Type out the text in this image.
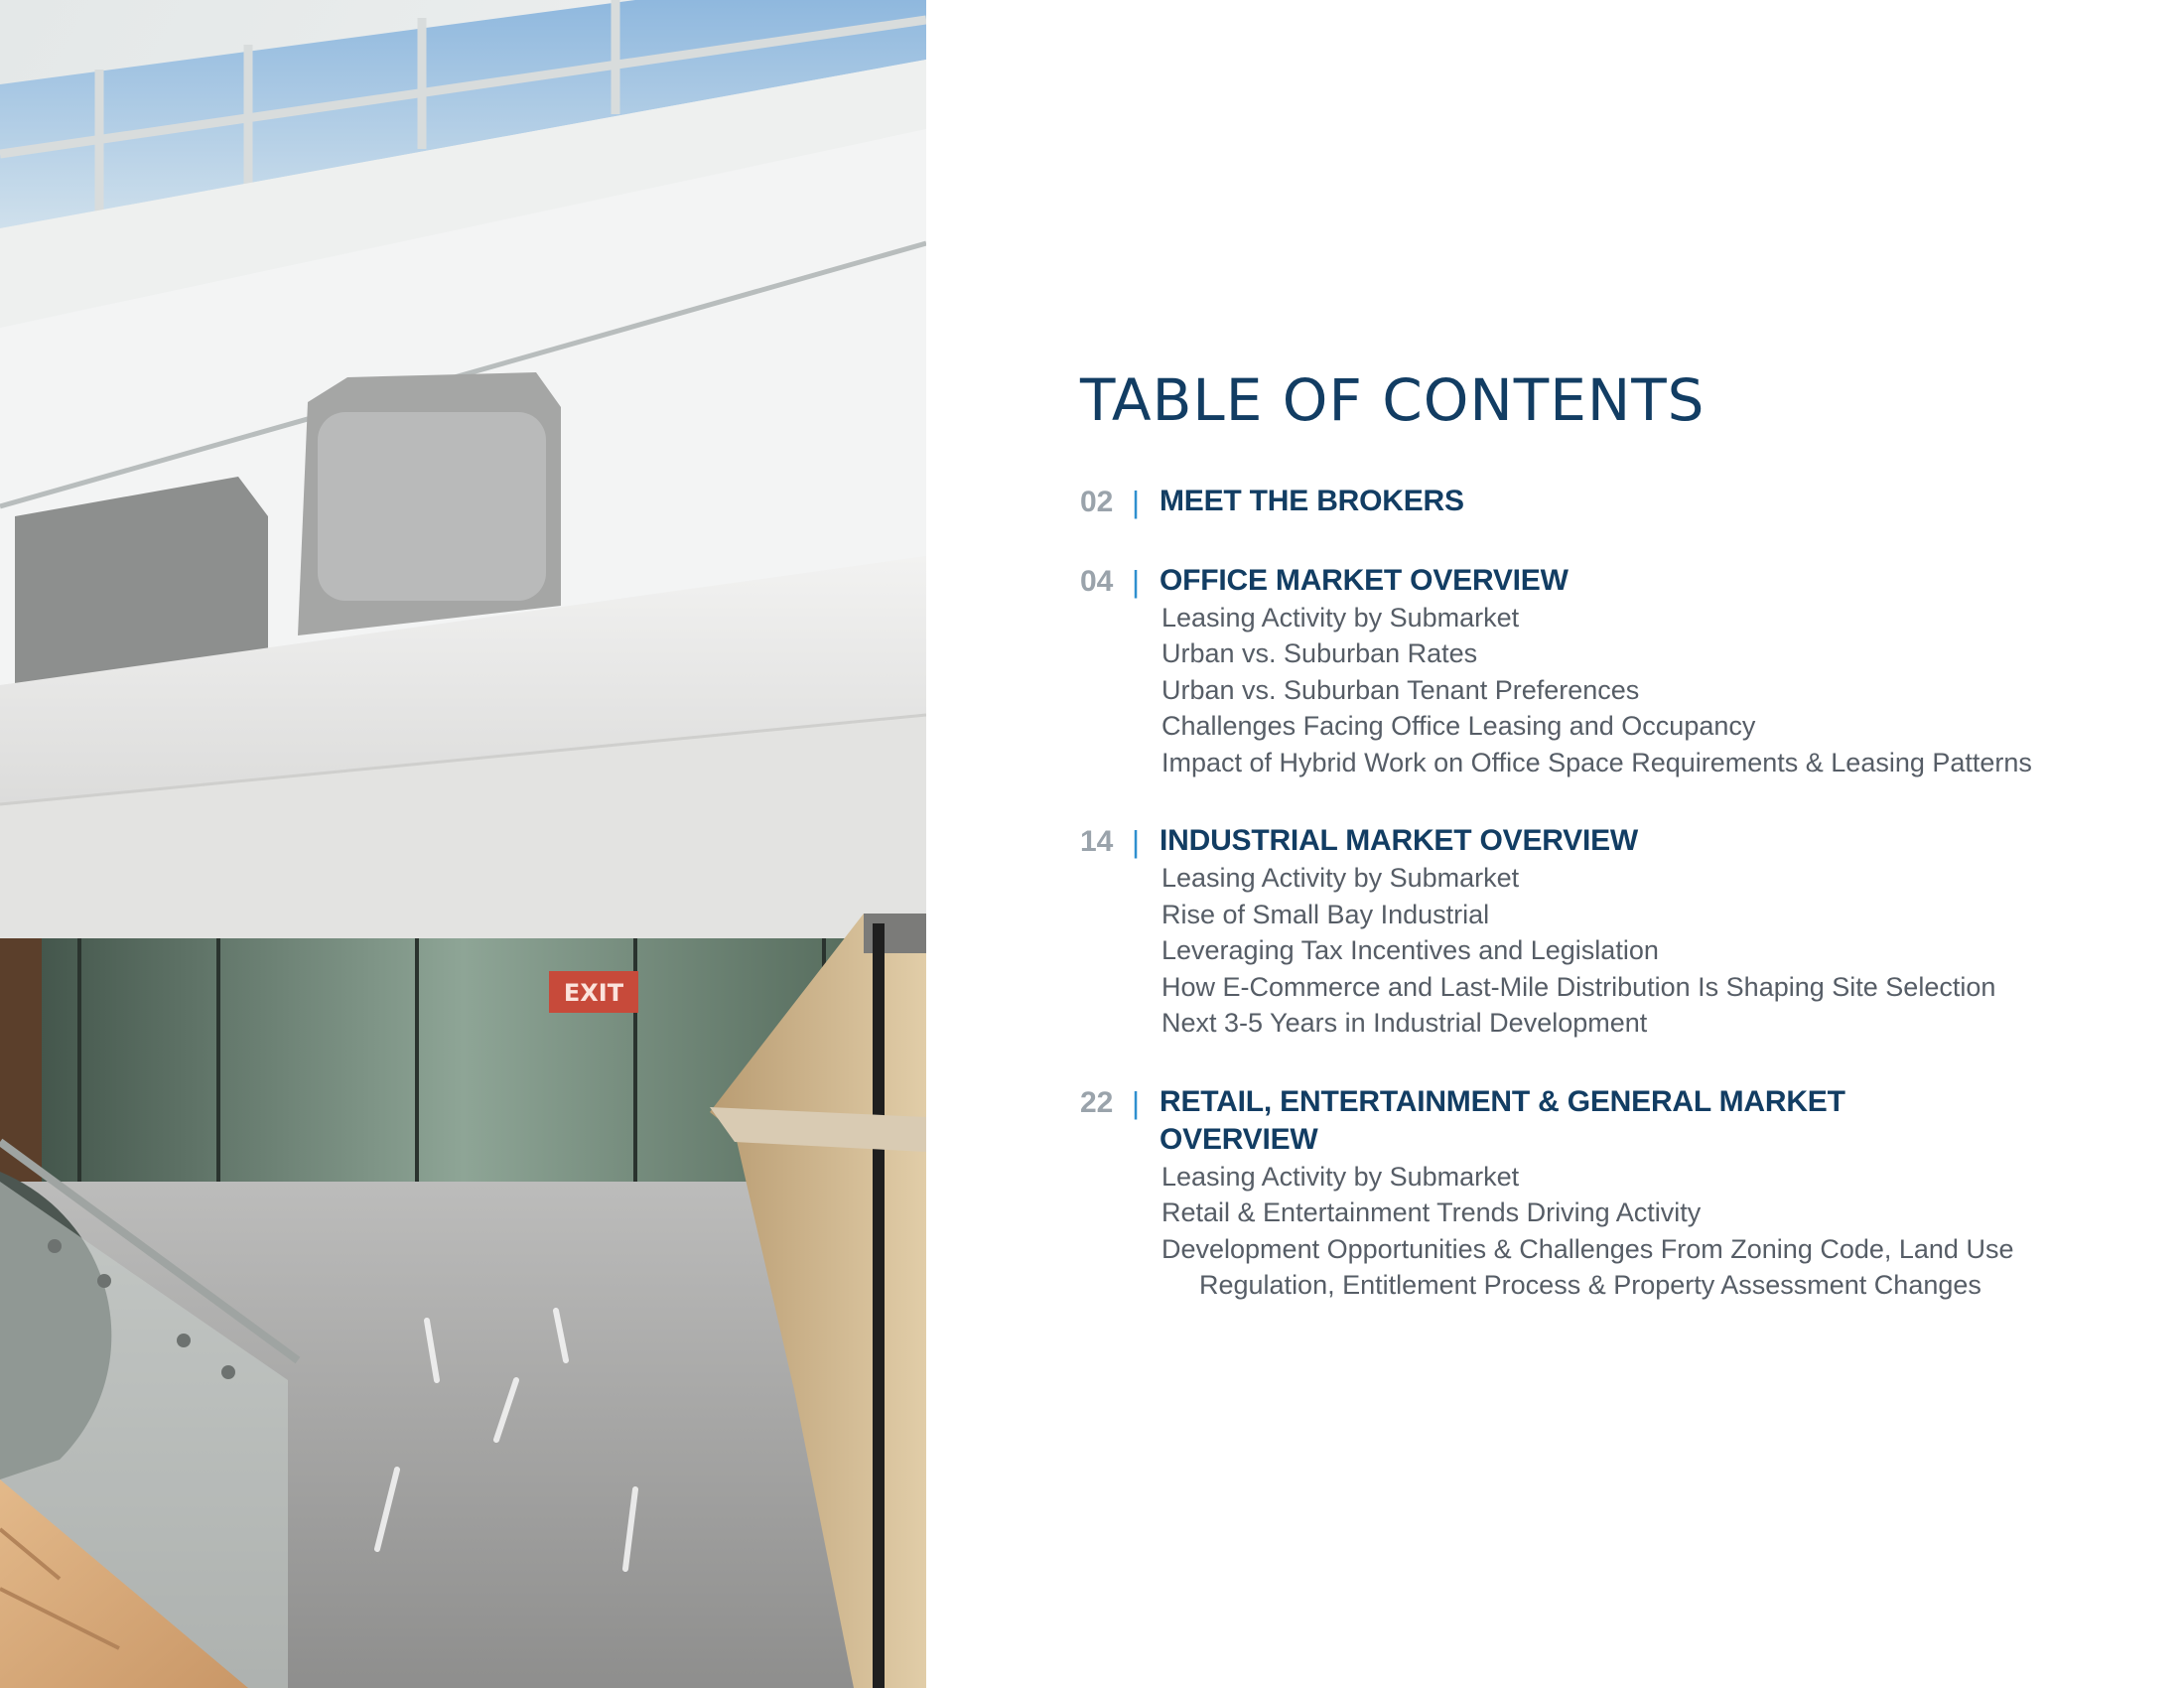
EXIT
TABLE OF CONTENTS
02 | MEET THE BROKERS
04 | OFFICE MARKET OVERVIEW
Leasing Activity by Submarket
Urban vs. Suburban Rates
Urban vs. Suburban Tenant Preferences
Challenges Facing Office Leasing and Occupancy
Impact of Hybrid Work on Office Space Requirements & Leasing Patterns
14 | INDUSTRIAL MARKET OVERVIEW
Leasing Activity by Submarket
Rise of Small Bay Industrial
Leveraging Tax Incentives and Legislation
How E-Commerce and Last-Mile Distribution Is Shaping Site Selection
Next 3-5 Years in Industrial Development
22 | RETAIL, ENTERTAINMENT & GENERAL MARKET OVERVIEW
Leasing Activity by Submarket
Retail & Entertainment Trends Driving Activity
Development Opportunities & Challenges From Zoning Code, Land Use Regulation, Entitlement Process & Property Assessment Changes
